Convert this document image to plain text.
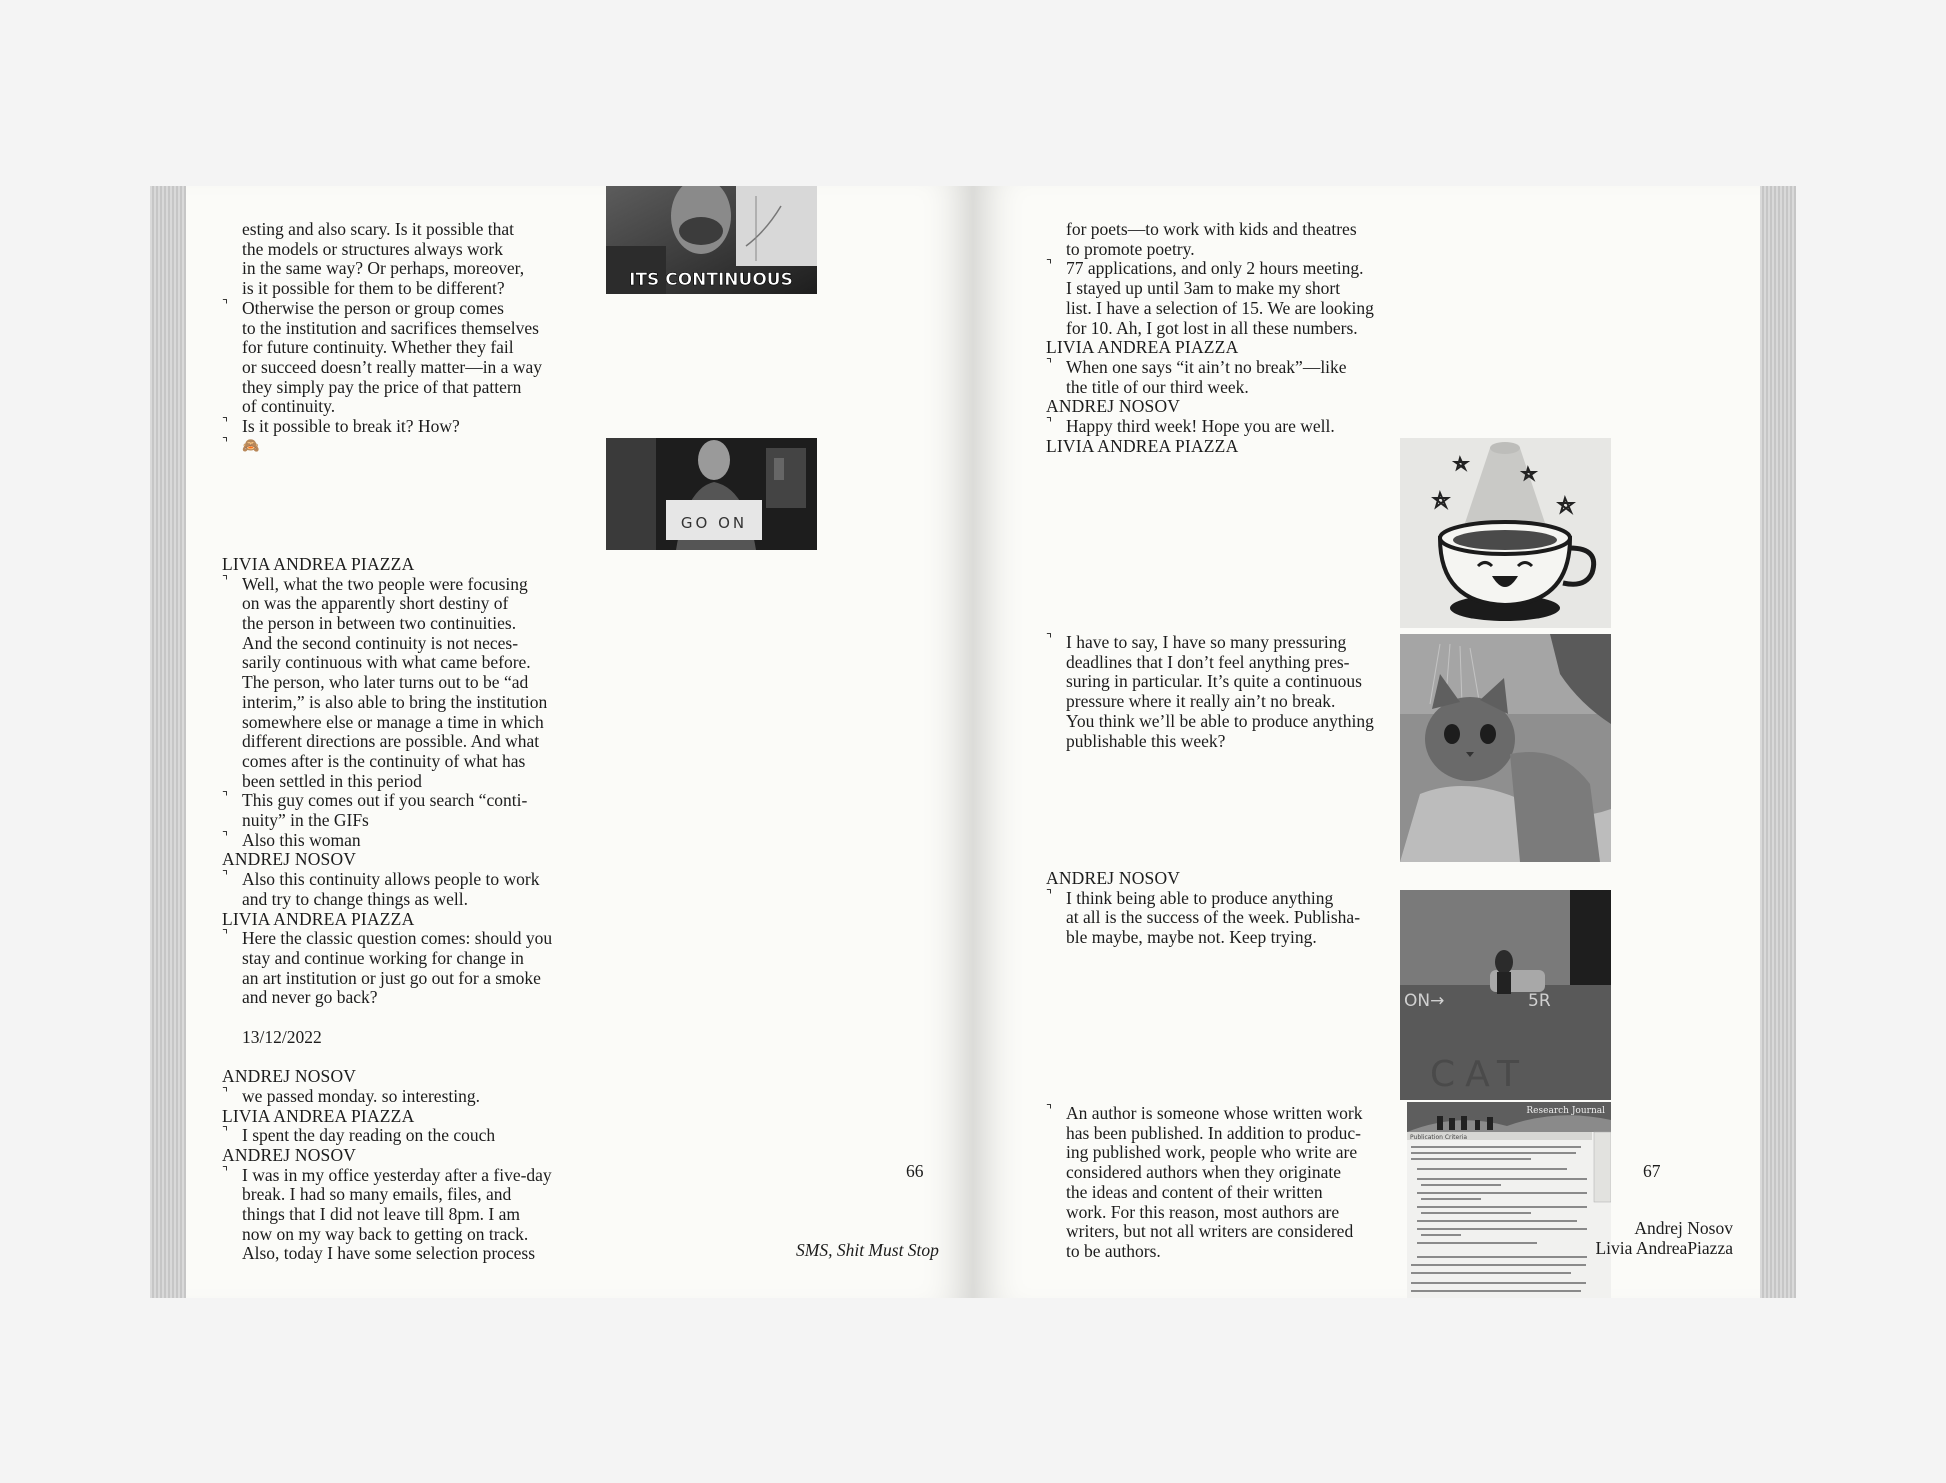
esting and also scary. Is it possible that
the models or structures always work
in the same way? Or perhaps, moreover,
is it possible for them to be different?
⌝ Otherwise the person or group comes
to the institution and sacrifices themselves
for future continuity. Whether they fail
or succeed doesn’t really matter—in a way
they simply pay the price of that pattern
of continuity.
⌝ Is it possible to break it? How?
⌝ 🙈
LIVIA ANDREA PIAZZA
⌝ Well, what the two people were focusing
on was the apparently short destiny of
the person in between two continuities.
And the second continuity is not neces-
sarily continuous with what came before.
The person, who later turns out to be “ad
interim,” is also able to bring the institution
somewhere else or manage a time in which
different directions are possible. And what
comes after is the continuity of what has
been settled in this period
⌝ This guy comes out if you search “conti-
nuity” in the GIFs
⌝ Also this woman
ANDREJ NOSOV
⌝ Also this continuity allows people to work
and try to change things as well.
LIVIA ANDREA PIAZZA
⌝ Here the classic question comes: should you
stay and continue working for change in
an art institution or just go out for a smoke
and never go back?
13/12/2022
ANDREJ NOSOV
⌝ we passed monday. so interesting.
LIVIA ANDREA PIAZZA
⌝ I spent the day reading on the couch
ANDREJ NOSOV
⌝ I was in my office yesterday after a five-day
break. I had so many emails, files, and
things that I did not leave till 8pm. I am
now on my way back to getting on track.
Also, today I have some selection process
ITS CONTINUOUS
GO ON
66
SMS, Shit Must Stop
for poets—to work with kids and theatres
to promote poetry.
⌝ 77 applications, and only 2 hours meeting.
I stayed up until 3am to make my short
list. I have a selection of 15. We are looking
for 10. Ah, I got lost in all these numbers.
LIVIA ANDREA PIAZZA
⌝ When one says “it ain’t no break”—like
the title of our third week.
ANDREJ NOSOV
⌝ Happy third week! Hope you are well.
LIVIA ANDREA PIAZZA
⌝ I have to say, I have so many pressuring
deadlines that I don’t feel anything pres-
suring in particular. It’s quite a continuous
pressure where it really ain’t no break.
You think we’ll be able to produce anything
publishable this week?
ANDREJ NOSOV
⌝ I think being able to produce anything
at all is the success of the week. Publisha-
ble maybe, maybe not. Keep trying.
⌝ An author is someone whose written work
has been published. In addition to produc-
ing published work, people who write are
considered authors when they originate
the ideas and content of their written
work. For this reason, most authors are
writers, but not all writers are considered
to be authors.
ON→	5R
CAT
Research Journal
Publication Criteria
67
Andrej Nosov
Livia AndreaPiazza
